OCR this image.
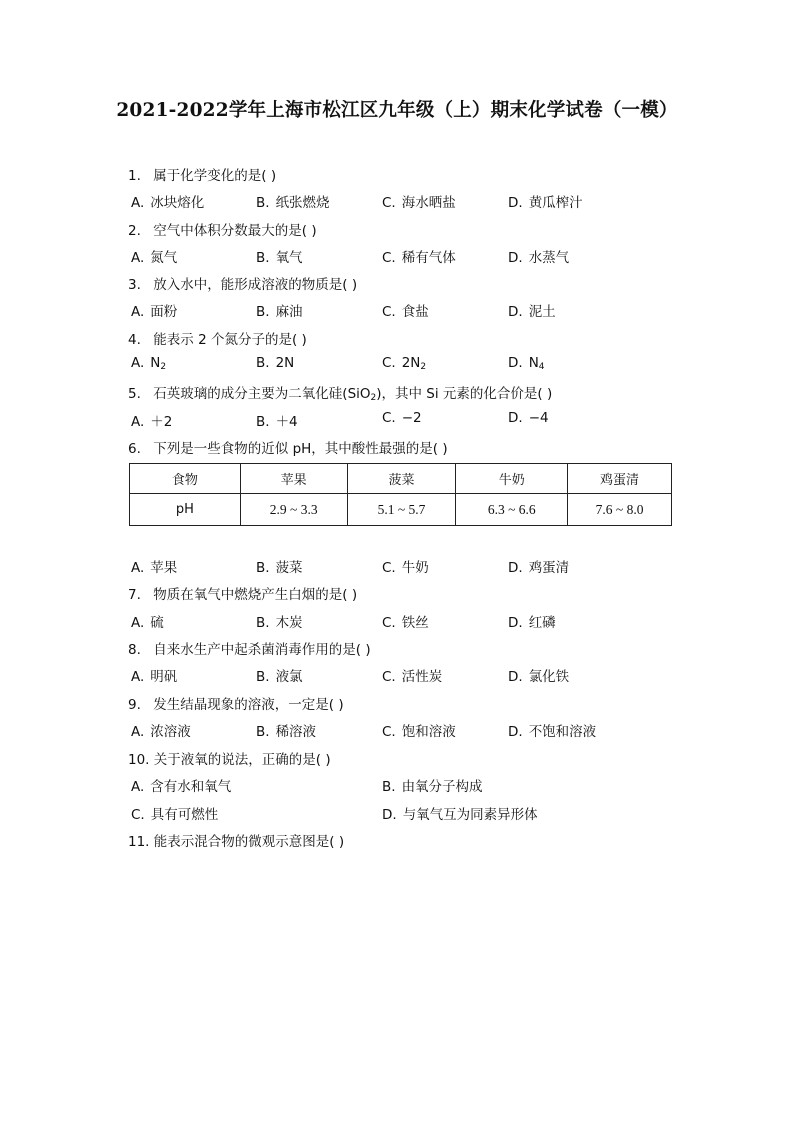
2021-2022学年上海市松江区九年级（上）期末化学试卷（一模）
1. 属于化学变化的是( )
A. 冰块熔化	B. 纸张燃烧	C. 海水晒盐	D. 黄瓜榨汁
2. 空气中体积分数最大的是( )
A. 氮气	B. 氧气	C. 稀有气体	D. 水蒸气
3. 放入水中，能形成溶液的物质是( )
A. 面粉	B. 麻油	C. 食盐	D. 泥土
4. 能表示 2 个氮分子的是( )
A. $N_2$	B. 2N	C. $2N_2$	D. $N_4$
5. 石英玻璃的成分主要为二氧化硅(SiO$_2$)，其中 Si 元素的化合价是( )
A. ＋2	B. ＋4	C. −2	D. −4
6. 下列是一些食物的近似 pH，其中酸性最强的是( )
食物	苹果	菠菜	牛奶	鸡蛋清
pH	2.9 ~ 3.3	5.1 ~ 5.7	6.3 ~ 6.6	7.6 ~ 8.0
A. 苹果	B. 菠菜	C. 牛奶	D. 鸡蛋清
7. 物质在氧气中燃烧产生白烟的是( )
A. 硫	B. 木炭	C. 铁丝	D. 红磷
8. 自来水生产中起杀菌消毒作用的是( )
A. 明矾	B. 液氯	C. 活性炭	D. 氯化铁
9. 发生结晶现象的溶液，一定是( )
A. 浓溶液	B. 稀溶液	C. 饱和溶液	D. 不饱和溶液
10. 关于液氧的说法，正确的是( )
A. 含有水和氧气	B. 由氧分子构成
C. 具有可燃性	D. 与氧气互为同素异形体
11. 能表示混合物的微观示意图是( )
